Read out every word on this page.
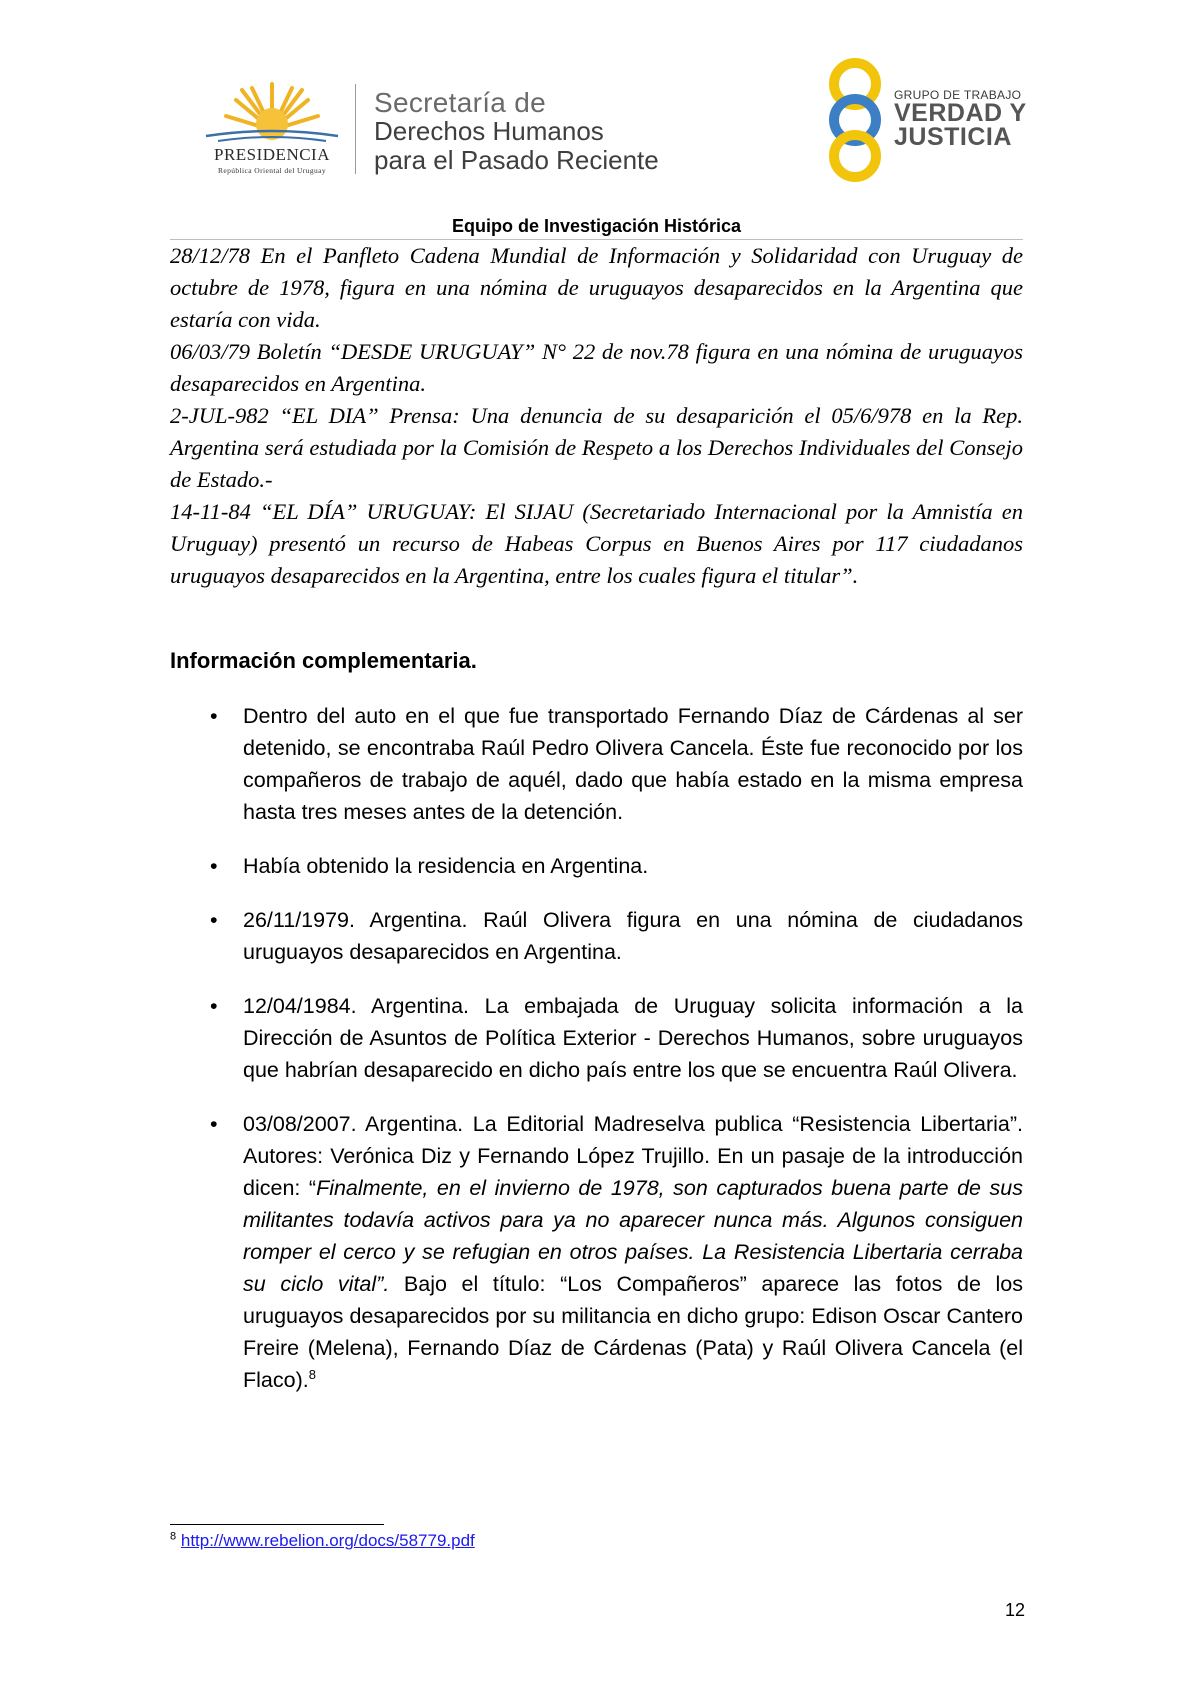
PRESIDENCIA
República Oriental del Uruguay
Secretaría de
Derechos Humanos
para el Pasado Reciente
GRUPO DE TRABAJO
VERDAD Y
JUSTICIA
Equipo de Investigación Histórica

28/12/78 En el Panfleto Cadena Mundial de Información y Solidaridad con Uruguay de octubre de 1978, figura en una nómina de uruguayos desaparecidos en la Argentina que estaría con vida.

06/03/79 Boletín “DESDE URUGUAY” N° 22 de nov.78 figura en una nómina de uruguayos desaparecidos en Argentina.

2-JUL-982 “EL DIA” Prensa: Una denuncia de su desaparición el 05/6/978 en la Rep. Argentina será estudiada por la Comisión de Respeto a los Derechos Individuales del Consejo de Estado.-

14-11-84 “EL DÍA” URUGUAY: El SIJAU (Secretariado Internacional por la Amnistía en Uruguay) presentó un recurso de Habeas Corpus en Buenos Aires por 117 ciudadanos uruguayos desaparecidos en la Argentina, entre los cuales figura el titular”.

Información complementaria.
• Dentro del auto en el que fue transportado Fernando Díaz de Cárdenas al ser detenido, se encontraba Raúl Pedro Olivera Cancela. Éste fue reconocido por los compañeros de trabajo de aquél, dado que había estado en la misma empresa hasta tres meses antes de la detención.
• Había obtenido la residencia en Argentina.
• 26/11/1979. Argentina. Raúl Olivera figura en una nómina de ciudadanos uruguayos desaparecidos en Argentina.
• 12/04/1984. Argentina. La embajada de Uruguay solicita información a la Dirección de Asuntos de Política Exterior - Derechos Humanos, sobre uruguayos que habrían desaparecido en dicho país entre los que se encuentra Raúl Olivera.
• 03/08/2007. Argentina. La Editorial Madreselva publica “Resistencia Libertaria”. Autores: Verónica Diz y Fernando López Trujillo. En un pasaje de la introducción dicen: “Finalmente, en el invierno de 1978, son capturados buena parte de sus militantes todavía activos para ya no aparecer nunca más. Algunos consiguen romper el cerco y se refugian en otros países. La Resistencia Libertaria cerraba su ciclo vital”. Bajo el título: “Los Compañeros” aparece las fotos de los uruguayos desaparecidos por su militancia en dicho grupo: Edison Oscar Cantero Freire (Melena), Fernando Díaz de Cárdenas (Pata) y Raúl Olivera Cancela (el Flaco).$^8$
$^8$ http://www.rebelion.org/docs/58779.pdf
12
